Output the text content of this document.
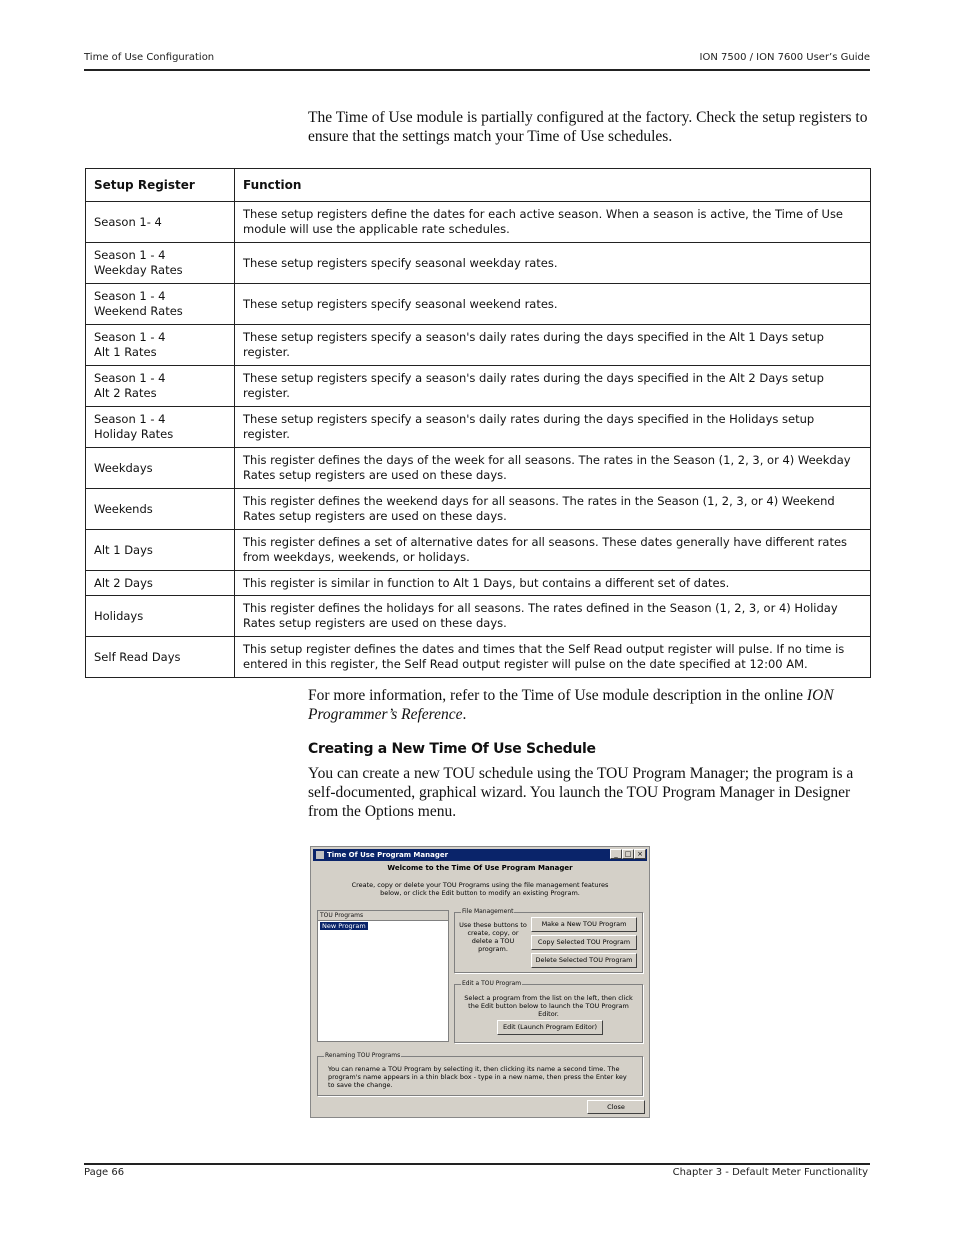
Time of Use Configuration	ION 7500 / ION 7600 User’s Guide
The Time of Use module is partially configured at the factory. Check the setup registers to ensure that the settings match your Time of Use schedules.
Setup Register	Function
Season 1- 4	These setup registers define the dates for each active season. When a season is active, the Time of Use module will use the applicable rate schedules.
Season 1 - 4
Weekday Rates	These setup registers specify seasonal weekday rates.
Season 1 - 4
Weekend Rates	These setup registers specify seasonal weekend rates.
Season 1 - 4
Alt 1 Rates	These setup registers specify a season's daily rates during the days specified in the Alt 1 Days setup register.
Season 1 - 4
Alt 2 Rates	These setup registers specify a season's daily rates during the days specified in the Alt 2 Days setup register.
Season 1 - 4
Holiday Rates	These setup registers specify a season's daily rates during the days specified in the Holidays setup register.
Weekdays	This register defines the days of the week for all seasons. The rates in the Season (1, 2, 3, or 4) Weekday Rates setup registers are used on these days.
Weekends	This register defines the weekend days for all seasons. The rates in the Season (1, 2, 3, or 4) Weekend Rates setup registers are used on these days.
Alt 1 Days	This register defines a set of alternative dates for all seasons. These dates generally have different rates from weekdays, weekends, or holidays.
Alt 2 Days	This register is similar in function to Alt 1 Days, but contains a different set of dates.
Holidays	This register defines the holidays for all seasons. The rates defined in the Season (1, 2, 3, or 4) Holiday Rates setup registers are used on these days.
Self Read Days	This setup register defines the dates and times that the Self Read output register will pulse. If no time is entered in this register, the Self Read output register will pulse on the date specified at 12:00 AM.
For more information, refer to the Time of Use module description in the online ION Programmer’s Reference.
Creating a New Time Of Use Schedule
You can create a new TOU schedule using the TOU Program Manager; the program is a self-documented, graphical wizard. You launch the TOU Program Manager in Designer from the Options menu.
Time Of Use Program Manager	_ □ ×
Welcome to the Time Of Use Program Manager
Create, copy or delete your TOU Programs using the file management features below, or click the Edit button to modify an existing Program.
TOU Programs
New Program
File Management
Use these buttons to create, copy, or delete a TOU program.
Make a New TOU Program
Copy Selected TOU Program
Delete Selected TOU Program
Edit a TOU Program
Select a program from the list on the left, then click the Edit button below to launch the TOU Program Editor.
Edit (Launch Program Editor)
Renaming TOU Programs
You can rename a TOU Program by selecting it, then clicking its name a second time. The program's name appears in a thin black box - type in a new name, then press the Enter key to save the change.
Close
Page 66	Chapter 3 - Default Meter Functionality
